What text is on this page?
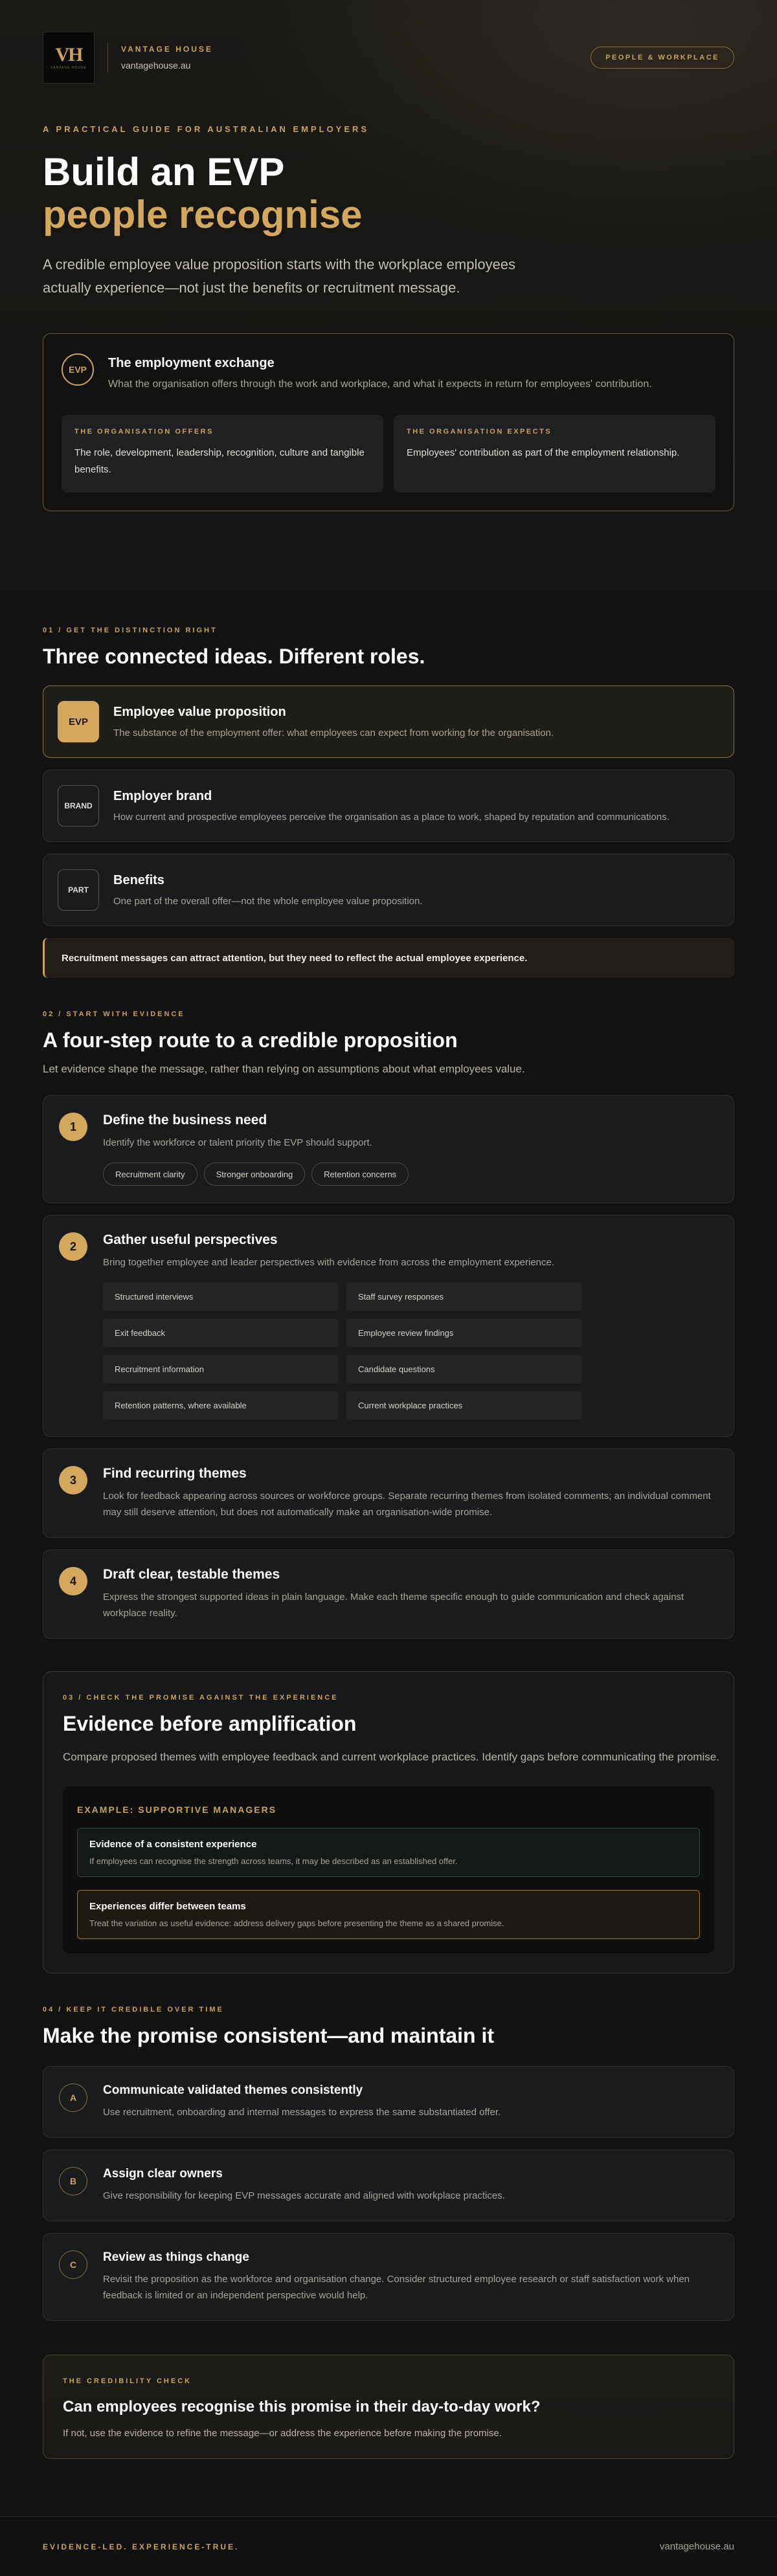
VH
VANTAGE HOUSE
VANTAGE HOUSE
vantagehouse.au
PEOPLE & WORKPLACE
A PRACTICAL GUIDE FOR AUSTRALIAN EMPLOYERS
Build an EVP
people recognise
A credible employee value proposition starts with the workplace employees actually experience—not just the benefits or recruitment message.
EVP	The employment exchange
What the organisation offers through the work and workplace, and what it expects in return for employees' contribution.
THE ORGANISATION OFFERS
The role, development, leadership, recognition, culture and tangible benefits.
THE ORGANISATION EXPECTS
Employees' contribution as part of the employment relationship.
01 / GET THE DISTINCTION RIGHT
Three connected ideas. Different roles.
EVP
Employee value proposition
The substance of the employment offer: what employees can expect from working for the organisation.
BRAND
Employer brand
How current and prospective employees perceive the organisation as a place to work, shaped by reputation and communications.
PART
Benefits
One part of the overall offer—not the whole employee value proposition.
Recruitment messages can attract attention, but they need to reflect the actual employee experience.
02 / START WITH EVIDENCE
A four-step route to a credible proposition
Let evidence shape the message, rather than relying on assumptions about what employees value.
1	Define the business need
Identify the workforce or talent priority the EVP should support.
Recruitment clarity	Stronger onboarding	Retention concerns
2	Gather useful perspectives
Bring together employee and leader perspectives with evidence from across the employment experience.
Structured interviews	Staff survey responses
Exit feedback	Employee review findings
Recruitment information	Candidate questions
Retention patterns, where available	Current workplace practices
3	Find recurring themes
Look for feedback appearing across sources or workforce groups. Separate recurring themes from isolated comments; an individual comment may still deserve attention, but does not automatically make an organisation-wide promise.
4	Draft clear, testable themes
Express the strongest supported ideas in plain language. Make each theme specific enough to guide communication and check against workplace reality.
03 / CHECK THE PROMISE AGAINST THE EXPERIENCE
Evidence before amplification
Compare proposed themes with employee feedback and current workplace practices. Identify gaps before communicating the promise.
EXAMPLE: SUPPORTIVE MANAGERS
Evidence of a consistent experience
If employees can recognise the strength across teams, it may be described as an established offer.
Experiences differ between teams
Treat the variation as useful evidence: address delivery gaps before presenting the theme as a shared promise.
04 / KEEP IT CREDIBLE OVER TIME
Make the promise consistent—and maintain it
A
Communicate validated themes consistently
Use recruitment, onboarding and internal messages to express the same substantiated offer.
B
Assign clear owners
Give responsibility for keeping EVP messages accurate and aligned with workplace practices.
C
Review as things change
Revisit the proposition as the workforce and organisation change. Consider structured employee research or staff satisfaction work when feedback is limited or an independent perspective would help.
THE CREDIBILITY CHECK
Can employees recognise this promise in their day-to-day work?
If not, use the evidence to refine the message—or address the experience before making the promise.
EVIDENCE-LED. EXPERIENCE-TRUE.	vantagehouse.au
